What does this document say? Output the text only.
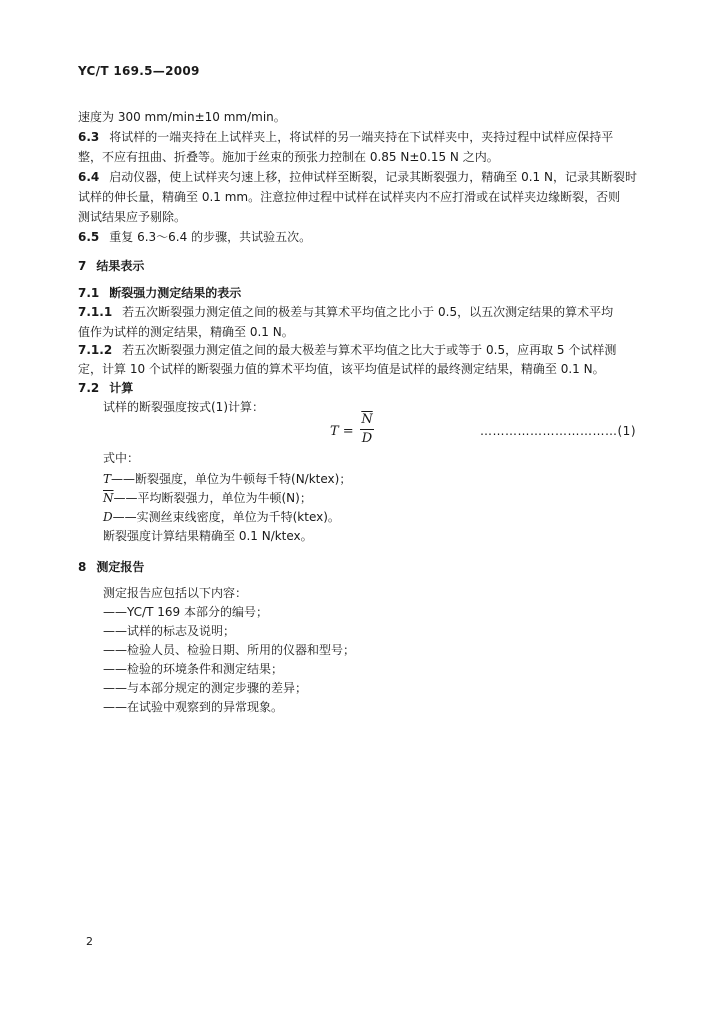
YC/T 169.5—2009
速度为 300 mm/min±10 mm/min。
6.3 将试样的一端夹持在上试样夹上，将试样的另一端夹持在下试样夹中，夹持过程中试样应保持平
整，不应有扭曲、折叠等。施加于丝束的预张力控制在 0.85 N±0.15 N 之内。
6.4 启动仪器，使上试样夹匀速上移，拉伸试样至断裂，记录其断裂强力，精确至 0.1 N，记录其断裂时
试样的伸长量，精确至 0.1 mm。注意拉伸过程中试样在试样夹内不应打滑或在试样夹边缘断裂，否则
测试结果应予剔除。
6.5 重复 6.3～6.4 的步骤，共试验五次。
7 结果表示
7.1 断裂强力测定结果的表示
7.1.1 若五次断裂强力测定值之间的极差与其算术平均值之比小于 0.5，以五次测定结果的算术平均
值作为试样的测定结果，精确至 0.1 N。
7.1.2 若五次断裂强力测定值之间的最大极差与算术平均值之比大于或等于 0.5，应再取 5 个试样测
定，计算 10 个试样的断裂强力值的算术平均值，该平均值是试样的最终测定结果，精确至 0.1 N。
7.2 计算
试样的断裂强度按式(1)计算：
T =
$\overline{N}$
D	……………………………(1)
式中：
T——断裂强度，单位为牛顿每千特(N/ktex)；
$\overline{N}——$平均断裂强力，单位为牛顿(N)；
D——实测丝束线密度，单位为千特(ktex)。
断裂强度计算结果精确至 0.1 N/ktex。
8 测定报告
测定报告应包括以下内容：
——YC/T 169 本部分的编号；
——试样的标志及说明；
——检验人员、检验日期、所用的仪器和型号；
——检验的环境条件和测定结果；
——与本部分规定的测定步骤的差异；
——在试验中观察到的异常现象。
2
